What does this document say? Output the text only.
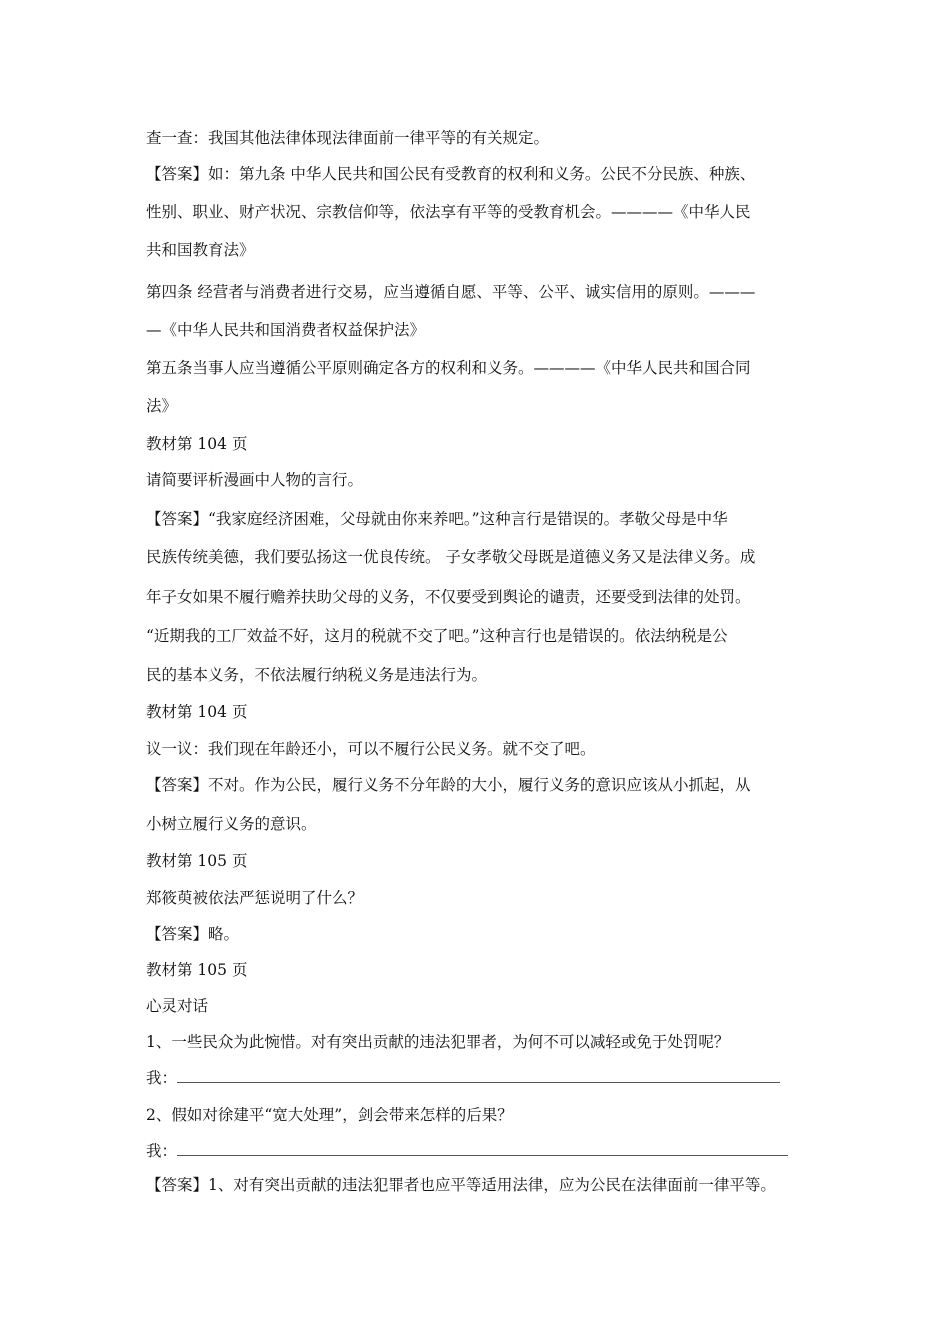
查一查：我国其他法律体现法律面前一律平等的有关规定。
【答案】如：第九条 中华人民共和国公民有受教育的权利和义务。公民不分民族、种族、
性别、职业、财产状况、宗教信仰等，依法享有平等的受教育机会。————《中华人民
共和国教育法》
第四条 经营者与消费者进行交易，应当遵循自愿、平等、公平、诚实信用的原则。———
—《中华人民共和国消费者权益保护法》
第五条当事人应当遵循公平原则确定各方的权利和义务。————《中华人民共和国合同
法》
教材第 104 页
请简要评析漫画中人物的言行。
【答案】“我家庭经济困难，父母就由你来养吧。”这种言行是错误的。孝敬父母是中华
民族传统美德，我们要弘扬这一优良传统。 子女孝敬父母既是道德义务又是法律义务。成
年子女如果不履行赡养扶助父母的义务，不仅要受到舆论的谴责，还要受到法律的处罚。
“近期我的工厂效益不好，这月的税就不交了吧。”这种言行也是错误的。依法纳税是公
民的基本义务，不依法履行纳税义务是违法行为。
教材第 104 页
议一议：我们现在年龄还小，可以不履行公民义务。就不交了吧。
【答案】不对。作为公民，履行义务不分年龄的大小，履行义务的意识应该从小抓起，从
小树立履行义务的意识。
教材第 105 页
郑筱萸被依法严惩说明了什么？
【答案】略。
教材第 105 页
心灵对话
1、一些民众为此惋惜。对有突出贡献的违法犯罪者，为何不可以减轻或免于处罚呢？
我：
2、假如对徐建平“宽大处理”，剑会带来怎样的后果？
我：
【答案】1、对有突出贡献的违法犯罪者也应平等适用法律，应为公民在法律面前一律平等。
